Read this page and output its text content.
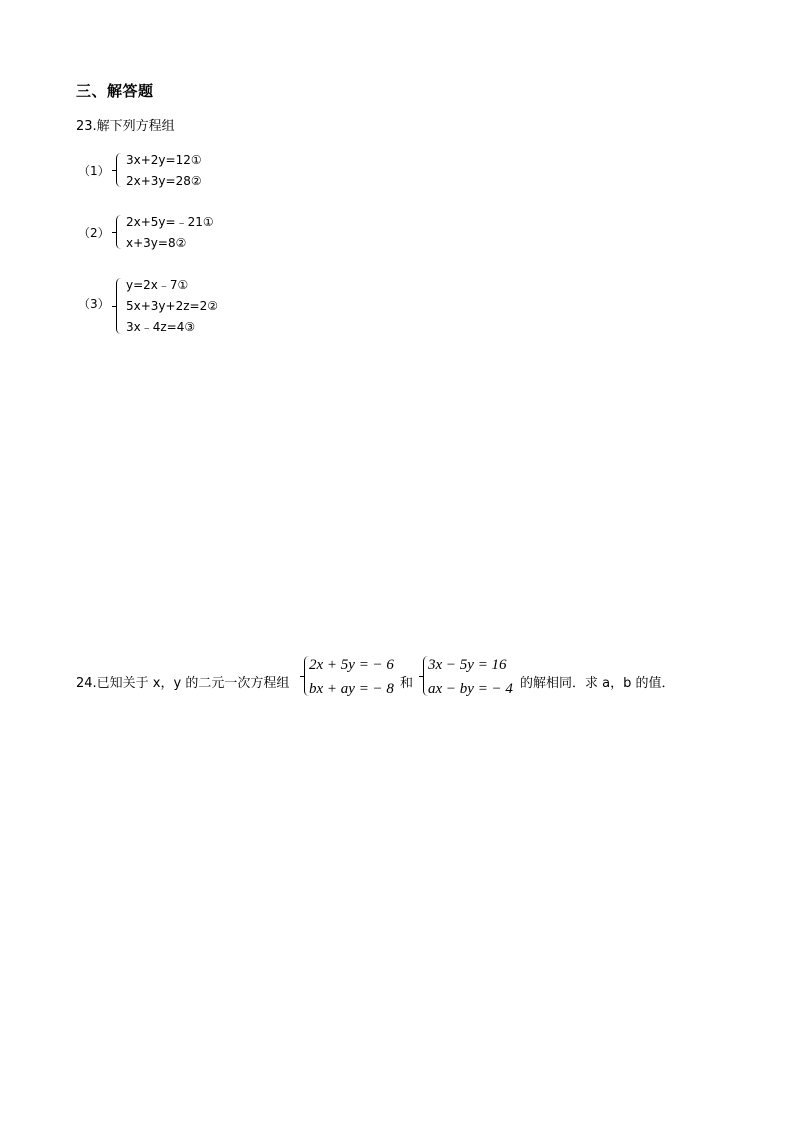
三、解答题
23.解下列方程组
（1）
3x+2y=12①
2x+3y=28②
（2）
2x+5y=﹣21①
x+3y=8②
（3）
y=2x﹣7①
5x+3y+2z=2②
3x﹣4z=4③
24.已知关于 x，y 的二元一次方程组
2x + 5y = − 6
bx + ay = − 8 和
3x − 5y = 16
ax − by = − 4 的解相同．求 a，b 的值．
